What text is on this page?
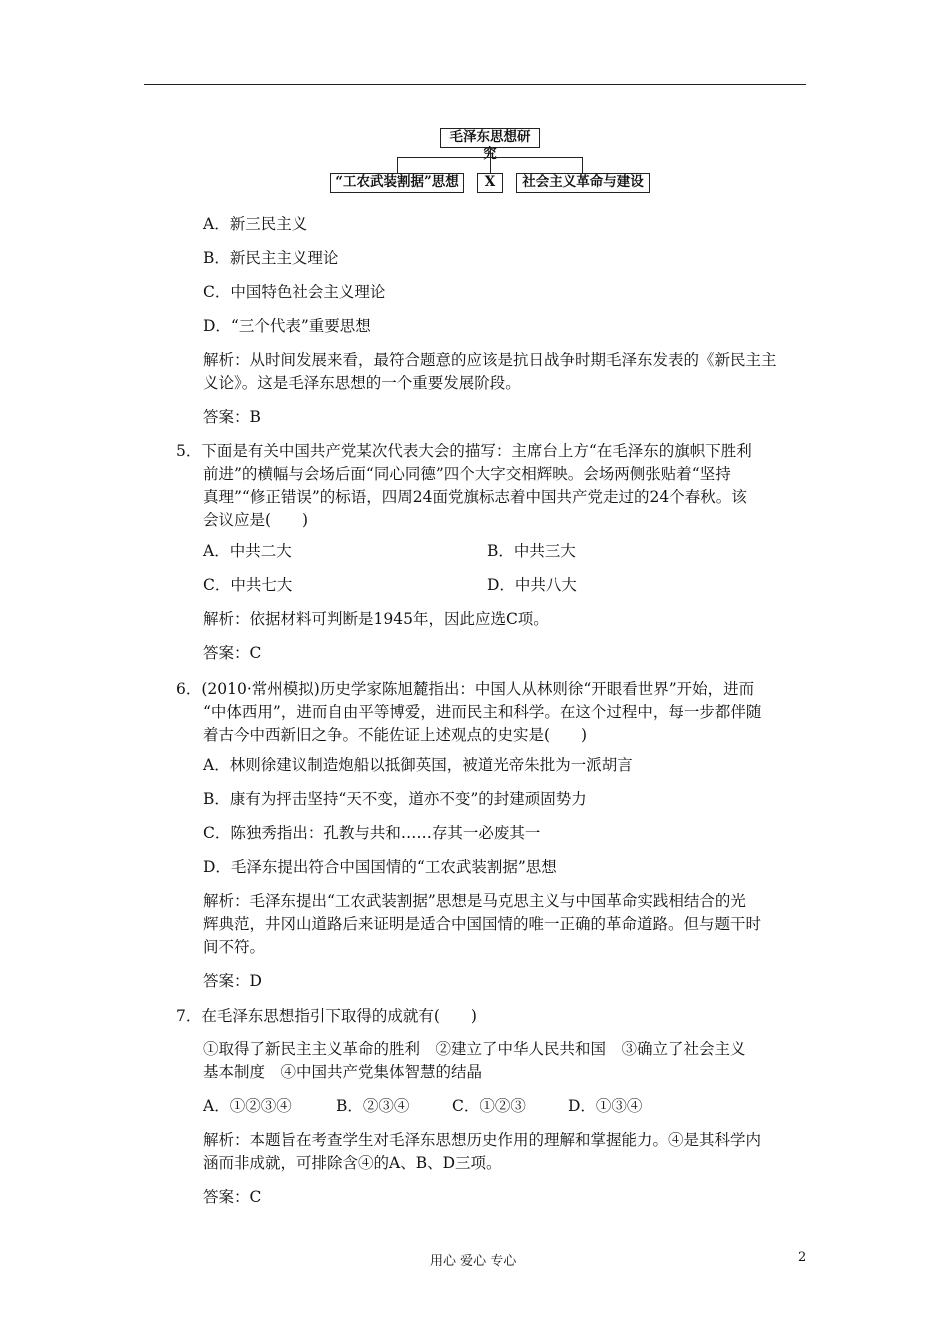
毛泽东思想研究
“工农武装割据”思想	X	社会主义革命与建设
A．新三民主义
B．新民主主义理论
C．中国特色社会主义理论
D．“三个代表”重要思想
解析：从时间发展来看，最符合题意的应该是抗日战争时期毛泽东发表的《新民主主
义论》。这是毛泽东思想的一个重要发展阶段。
答案：B
5．下面是有关中国共产党某次代表大会的描写：主席台上方“在毛泽东的旗帜下胜利
前进”的横幅与会场后面“同心同德”四个大字交相辉映。会场两侧张贴着“坚持
真理”“修正错误”的标语，四周24面党旗标志着中国共产党走过的24个春秋。该
会议应是(　　)
A．中共二大	B．中共三大
C．中共七大	D．中共八大
解析：依据材料可判断是1945年，因此应选C项。
答案：C
6．(2010·常州模拟)历史学家陈旭麓指出：中国人从林则徐“开眼看世界”开始，进而
“中体西用”，进而自由平等博爱，进而民主和科学。在这个过程中，每一步都伴随
着古今中西新旧之争。不能佐证上述观点的史实是(　　)
A．林则徐建议制造炮船以抵御英国，被道光帝朱批为一派胡言
B．康有为抨击坚持“天不变，道亦不变”的封建顽固势力
C．陈独秀指出：孔教与共和……存其一必废其一
D．毛泽东提出符合中国国情的“工农武装割据”思想
解析：毛泽东提出“工农武装割据”思想是马克思主义与中国革命实践相结合的光
辉典范，井冈山道路后来证明是适合中国国情的唯一正确的革命道路。但与题干时
间不符。
答案：D
7．在毛泽东思想指引下取得的成就有(　　)
①取得了新民主主义革命的胜利　②建立了中华人民共和国　③确立了社会主义
基本制度　④中国共产党集体智慧的结晶
A．①②③④	B．②③④	C．①②③	D．①③④
解析：本题旨在考查学生对毛泽东思想历史作用的理解和掌握能力。④是其科学内
涵而非成就，可排除含④的A、B、D三项。
答案：C
用心 爱心 专心	2
